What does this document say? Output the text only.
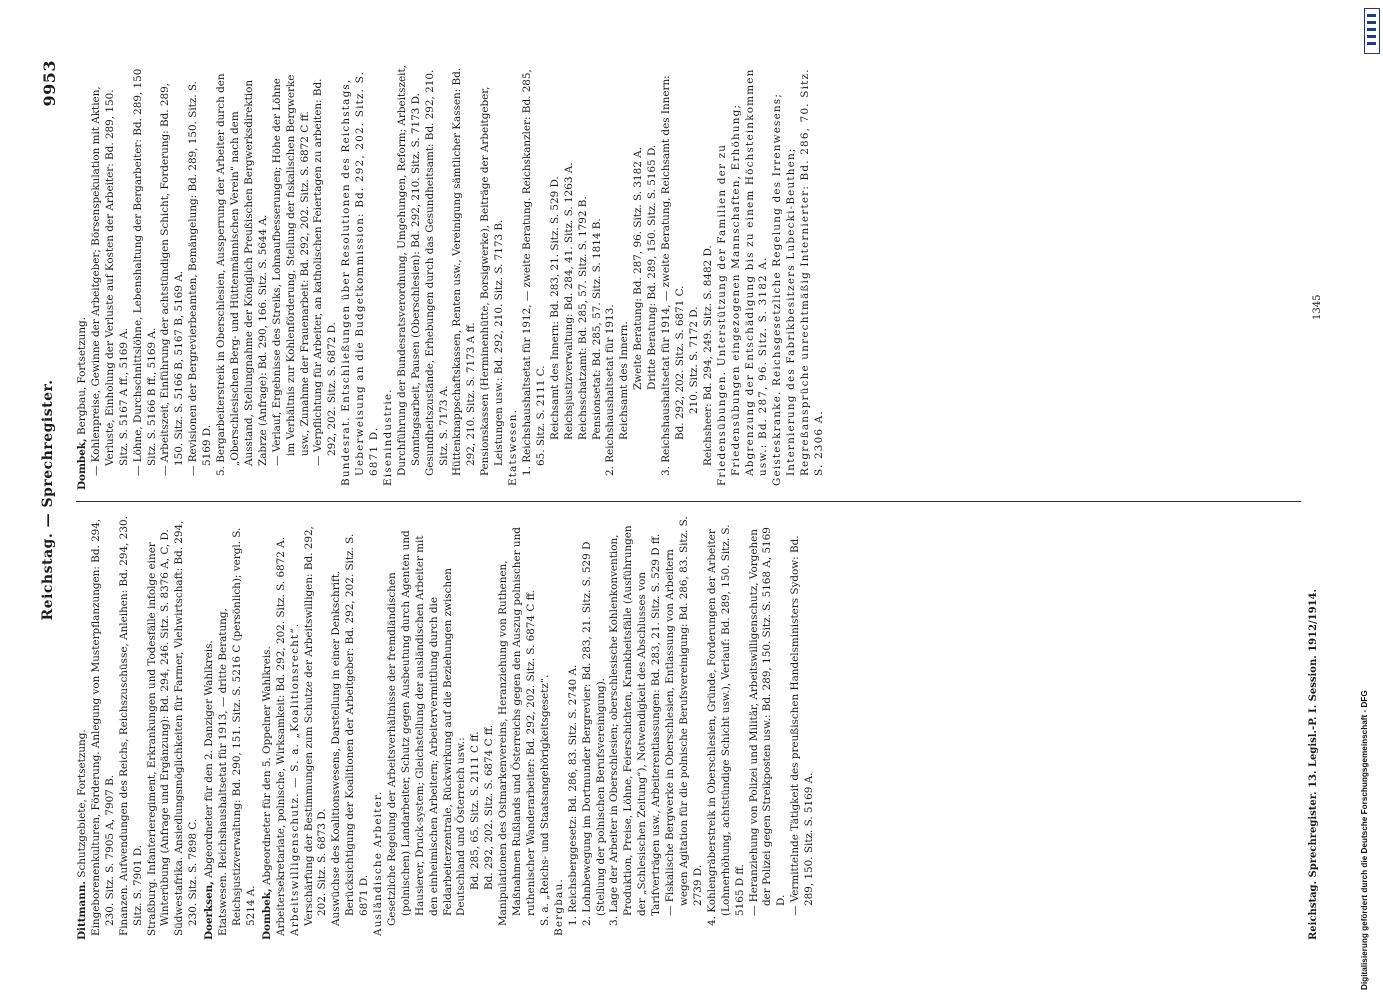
Reichstag. — Sprechregister.
9953

Dittmann. Schutzgebiete, Fortsetzung. Eingeborenenkulturen, Förderung. Anlegung von Musterpflanzungen: Bd. 294, 230. Sitz. S. 7905 A, 7907 B. Finanzen. Aufwendungen des Reichs, Reichszuschüsse, Anleihen: Bd. 294, 230. Sitz. S. 7901 D. Straßburg. Infanterieregiment, Erkrankungen und Todesfälle infolge einer Winterübung (Anfrage und Ergänzung): Bd. 294, 246. Sitz. S. 8376 A, C, D. Südwestafrika. Ansiedlungsmöglichkeiten für Farmer, Viehwirtschaft: Bd. 294, 230. Sitz. S. 7898 C. Doerksen, Abgeordneter für den 2. Danziger Wahlkreis. Etatswesen. Reichshaushaltsetat für 1913, — dritte Beratung, Reichsjustizverwaltung: Bd. 290, 151. Sitz. S. 5216 C (persönlich); vergl. S. 5214 A. Dombek, Abgeordneter für den 5. Oppelner Wahlkreis. Arbeitersekretariate, polnische, Wirksamkeit: Bd. 292, 202. Sitz. S. 6872 A. Arbeitswilligenschutz. — S. a. „Koalitionsrecht“. Verschärfung der Bestimmungen zum Schutze der Arbeitswilligen: Bd. 292, 202. Sitz. S. 6873 D. Auswüchse des Koalitionswesens, Darstellung in einer Denkschrift. Berücksichtigung der Koalitionen der Arbeitgeber: Bd. 292, 202. Sitz. S. 6871 D. Ausländische Arbeiter. Gesetzliche Regelung der Arbeitsverhältnisse der fremdländischen (polnischen) Landarbeiter, Schutz gegen Ausbeutung durch Agenten und Hausierer, Druck-system; Gleichstellung der ausländischen Arbeiter mit den einheimischen Arbeitern; Arbeitervermittlung durch die Feldarbeiterzentrale, Rückwirkung auf die Beziehungen zwischen Deutschland und Österreich usw.: Bd. 285, 65. Sitz. S. 2111 C ff. Bd. 292, 202. Sitz. S. 6874 C ff. Manipulationen des Ostmarkenvereins, Heranziehung von Ruthenen, Maßnahmen Rußlands und Österreichs gegen den Auszug polnischer und ruthenischer Wanderarbeiter: Bd. 292, 202. Sitz. S. 6874 C ff. S. a. „Reichs- und Staatsangehörigkeitsgesetz“. Bergbau. 1. Reichsberggesetz: Bd. 286, 83. Sitz. S. 2740 A. 2. Lohnbewegung im Dortmunder Bergrevier: Bd. 283, 21. Sitz. S. 529 D (Stellung der polnischen Berufsvereinigung). 3. Lage der Arbeiter in Oberschlesien; oberschlesische Kohlenkonvention, Produktion, Preise, Löhne, Feierschichten, Krankheitsfälle (Ausführungen der „Schlesischen Zeitung“), Notwendigkeit des Abschlusses von Tarifverträgen usw., Arbeiterentlassungen: Bd. 283, 21. Sitz. S. 529 D ff. — Fiskalische Bergwerke in Oberschlesien, Entlassung von Arbeitern wegen Agitation für die polnische Berufsvereinigung: Bd. 286, 83. Sitz. S. 2739 D. 4. Kohlengräberstreik in Oberschlesien, Gründe, Forderungen der Arbeiter (Lohnerhöhung, achtstündige Schicht usw.), Verlauf: Bd. 289, 150. Sitz. S. 5165 D ff. — Heranziehung von Polizei und Militär, Arbeitswilligenschutz, Vorgehen der Polizei gegen Streikposten usw.: Bd. 289, 150. Sitz. S. 5168 A, 5169 D. — Vermittelnde Tätigkeit des preußischen Handelsministers Sydow: Bd. 289, 150. Sitz. S. 5169 A.

Dombek, Bergbau, Fortsetzung. — Kohlenpreise, Gewinne der Arbeitgeber; Börsenspekulation mit Aktien, Verluste, Einholung der Verluste auf Kosten der Arbeiter: Bd. 289, 150. Sitz. S. 5167 A ff., 5169 A. — Löhne, Durchschnittslöhne, Lebenshaltung der Bergarbeiter: Bd. 289, 150 Sitz. S. 5166 B ff., 5169 A. — Arbeitszeit, Einführung der achtstündigen Schicht, Forderung: Bd. 289, 150. Sitz. S. 5166 B, 5167 B, 5169 A. — Revisionen der Bergrevierbeamten, Bemängelung: Bd. 289, 150. Sitz. S. 5169 D. 5. Bergarbeiterstreik in Oberschlesien, Aussperrung der Arbeiter durch den „Oberschlesischen Berg- und Hüttenmännischen Verein“ nach dem Ausstand, Stellungnahme der Königlich Preußischen Bergwerksdirektion Zabrze (Anfrage): Bd. 290, 166. Sitz. S. 5644 A. — Verlauf, Ergebnisse des Streiks, Lohnaufbesserungen; Höhe der Löhne im Verhältnis zur Kohlenförderung, Stellung der fiskalischen Bergwerke usw., Zunahme der Frauenarbeit: Bd. 292, 202. Sitz. S. 6872 C ff. — Verpflichtung für Arbeiter, an katholischen Feiertagen zu arbeiten: Bd. 292, 202. Sitz. S. 6872 D. Bundesrat. Entschließungen über Resolutionen des Reichstags, Ueberweisung an die Budgetkommission: Bd. 292, 202. Sitz. S. 6871 D. Eisenindustrie. Durchführung der Bundesratsverordnung, Umgehungen, Reform; Arbeitszeit, Sonntagsarbeit, Pausen (Oberschlesien): Bd. 292, 210. Sitz. S. 7173 D. Gesundheitszustände, Erhebungen durch das Gesundheitsamt: Bd. 292, 210. Sitz. S. 7173 A. Hüttenknappschaftskassen, Renten usw., Vereinigung sämtlicher Kassen: Bd. 292, 210. Sitz. S. 7173 A ff. Pensionskassen (Herminenhütte, Borsigwerke), Beiträge der Arbeitgeber, Leistungen usw.: Bd. 292, 210. Sitz. S. 7173 B. Etatswesen. 1. Reichshaushaltsetat für 1912, — zweite Beratung. Reichskanzler: Bd. 285, 65. Sitz. S. 2111 C. Reichsamt des Innern: Bd. 283, 21. Sitz. S. 529 D. Reichsjustizverwaltung: Bd. 284, 41. Sitz. S. 1263 A. Reichsschatzamt: Bd. 285, 57. Sitz. S. 1792 B. Pensionsetat: Bd. 285, 57. Sitz. S. 1814 B. 2. Reichshaushaltsetat für 1913. Reichsamt des Innern. Zweite Beratung: Bd. 287, 96. Sitz. S. 3182 A. Dritte Beratung: Bd. 289, 150. Sitz. S. 5165 D. 3. Reichshaushaltsetat für 1914, — zweite Beratung, Reichsamt des Innern: Bd. 292, 202. Sitz. S. 6871 C. 210. Sitz. S. 7172 D. Reichsheer: Bd. 294, 249. Sitz. S. 8482 D. Friedensübungen. Unterstützung der Familien der zu Friedensübungen eingezogenen Mannschaften, Erhöhung; Abgrenzung der Entschädigung bis zu einem Höchsteinkommen usw.: Bd. 287, 96. Sitz. S. 3182 A. Geisteskranke. Reichsgesetzliche Regelung des Irrenwesens; Internierung des Fabrikbesitzers Lubecki-Beuthen; Regreßansprüche unrechtmäßig Internierter: Bd. 286, 70. Sitz. S. 2306 A.

Reichstag. Sprechregister. 13. Legisl.-P. I. Session. 1912/1914.
1345
Digitalisierung gefördert durch die Deutsche Forschungsgemeinschaft - DFG
